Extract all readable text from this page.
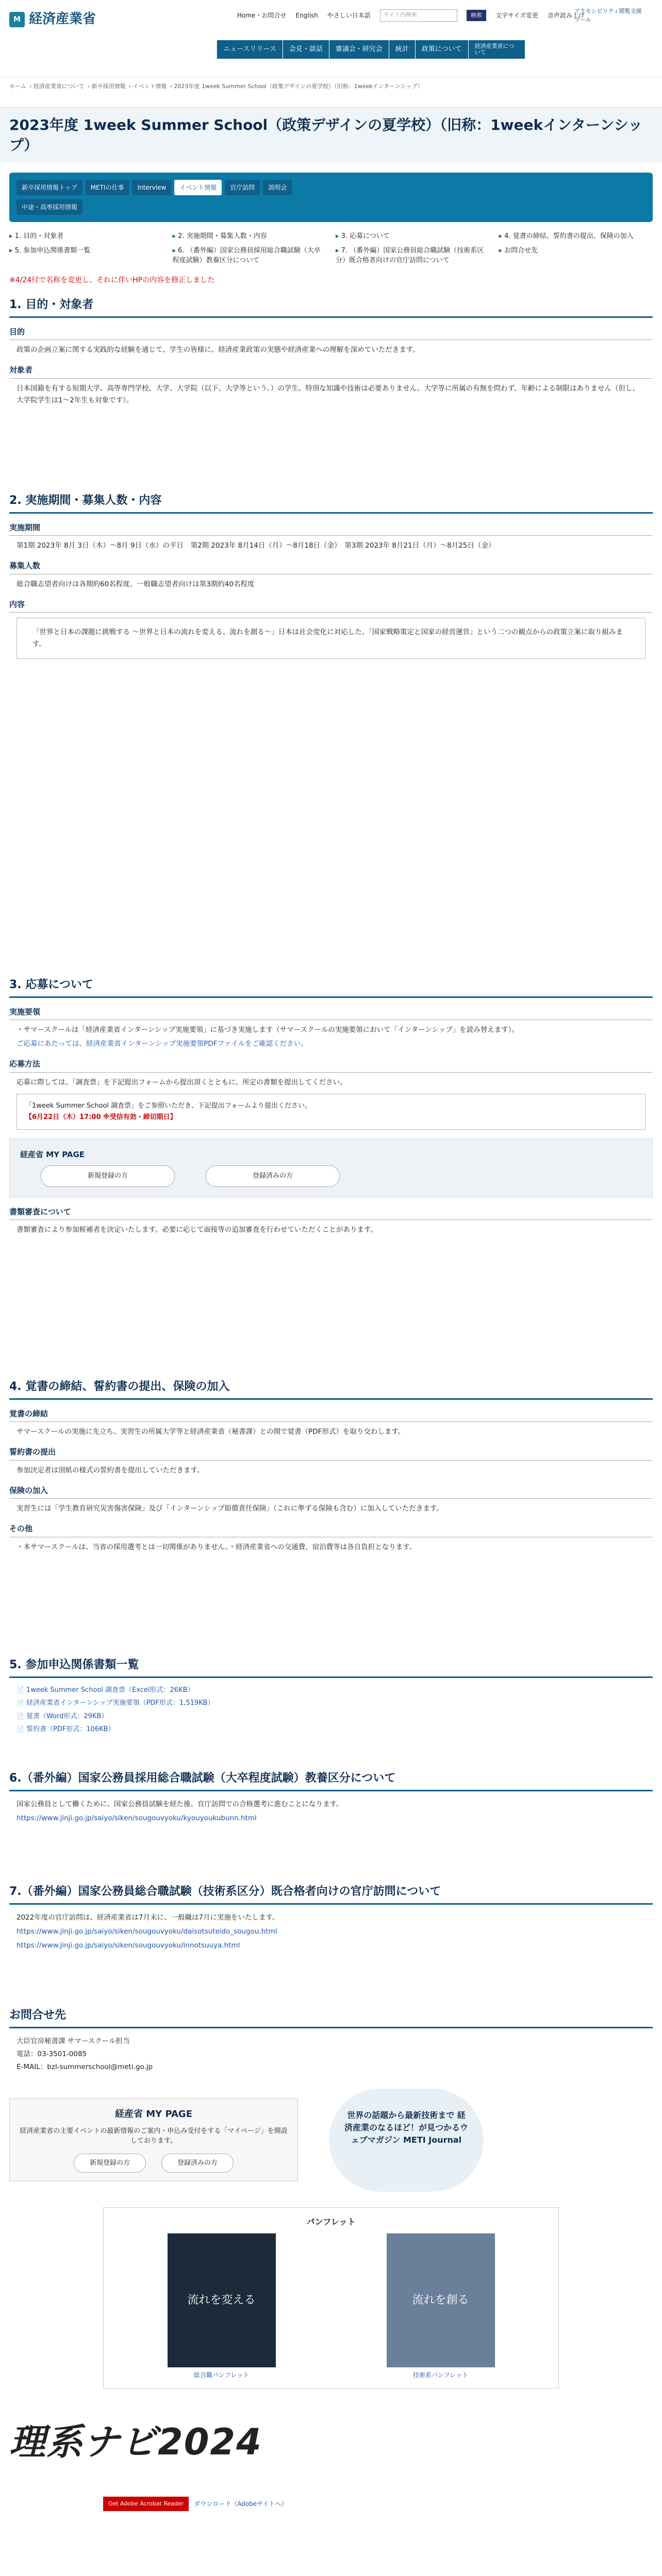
M 経済産業省	Home・お問合せ English やさしい日本語	サイト内検索	検索	文字サイズ変更 音声読み上げ
アクセシビリティ閲覧支援ツール
ニュースリリース	会見・談話	審議会・研究会	統計	政策について	経済産業省について
ホーム › 経済産業省について › 新卒採用情報 › イベント情報 › 2023年度 1week Summer School（政策デザインの夏学校）（旧称：1weekインターンシップ）
2023年度 1week Summer School（政策デザインの夏学校）（旧称：1weekインターンシップ）
新卒採用情報トップ	METIの仕事	Interview	イベント情報	官庁訪問	説明会
中途・高専採用情報
▸ 1. 目的・対象者	▸ 2. 実施期間・募集人数・内容	▸ 3. 応募について	▸ 4. 覚書の締結、誓約書の提出、保険の加入
▸ 5. 参加申込関係書類一覧	▸ 6. （番外編）国家公務員採用総合職試験（大卒程度試験）教養区分について
▸ 7. （番外編）国家公務員総合職試験（技術系区分）既合格者向けの官庁訪問について
▸ お問合せ先
※4/24付で名称を変更し、それに伴いHPの内容を修正しました
1. 目的・対象者
目的

政策の企画立案に関する実践的な経験を通じて、学生の皆様に、経済産業政策の実態や経済産業への理解を深めていただきます。

対象者

日本国籍を有する短期大学、高等専門学校、大学、大学院（以下、大学等という。）の学生。特別な知識や技術は必要ありません。大学等に所属の有無を問わず、年齢による制限はありません（但し、大学院学生は1〜2年生も対象です）。

2. 実施期間・募集人数・内容
実施期間

第1期 2023年 8月 3日（木）〜8月 9日（水）の平日　第2期 2023年 8月14日（月）〜8月18日（金）　第3期 2023年 8月21日（月）〜8月25日（金）

募集人数

総合職志望者向けは各期約60名程度、一般職志望者向けは第3期約40名程度

内容

「世界と日本の課題に挑戦する 〜世界と日本の流れを変える、流れを創る〜」日本は社会変化に対応した、「国家戦略策定と国家の経営運営」という二つの観点からの政策立案に取り組みます。

3. 応募について
実施要領

・サマースクールは「経済産業省インターンシップ実施要領」に基づき実施します（サマースクールの実施要領において「インターンシップ」を読み替えます）。

ご応募にあたっては、経済産業省インターンシップ実施要領PDFファイルをご確認ください。

応募方法

応募に際しては、「調査票」を下記提出フォームから提出頂くとともに、所定の書類を提出してください。

「1week Summer School 調査票」をご参照いただき、下記提出フォームより提出ください。
【6月22日（木）17:00 ※受信有効・締切期日】
経産省 MY PAGE
新規登録の方	登録済みの方
書類審査について

書類審査により参加候補者を決定いたします。必要に応じて面接等の追加審査を行わせていただくことがあります。

4. 覚書の締結、誓約書の提出、保険の加入
覚書の締結

サマースクールの実施に先立ち、実習生の所属大学等と経済産業省（秘書課）との間で覚書（PDF形式）を取り交わします。

誓約書の提出

参加決定者は別紙の様式の誓約書を提出していただきます。

保険の加入

実習生には「学生教育研究災害傷害保険」及び「インターンシップ賠償責任保険」（これに準ずる保険も含む）に加入していただきます。

その他

・本サマースクールは、当省の採用選考とは一切関係がありません。・経済産業省への交通費、宿泊費等は各自負担となります。

5. 参加申込関係書類一覧
📄 1week Summer School 調査票（Excel形式：26KB）
📄 経済産業省インターンシップ実施要領（PDF形式：1,519KB）
📄 覚書（Word形式：29KB）
📄 誓約書（PDF形式：106KB）
6.（番外編）国家公務員採用総合職試験（大卒程度試験）教養区分について

国家公務員として働くために、国家公務員試験を経た後、官庁訪問での合格選考に進むことになります。

https://www.jinji.go.jp/saiyo/siken/sougouvyoku/kyouyoukubunn.html

7.（番外編）国家公務員総合職試験（技術系区分）既合格者向けの官庁訪問について

2022年度の官庁訪問は、経済産業省は7月末に、一般職は7月に実施をいたします。

https://www.jinji.go.jp/saiyo/siken/sougouvyoku/daisotsuteido_sougou.html

https://www.jinji.go.jp/saiyo/siken/sougouvyoku/innotsuuya.html

お問合せ先

大臣官房秘書課 サマースクール担当

電話：03-3501-0085

E-MAIL：bzl-summerschool@meti.go.jp

経産省 MY PAGE
経済産業省の主要イベントの最新情報のご案内・申込み受付をする「マイページ」を開設しております。
新規登録の方	登録済みの方
世界の話題から最新技術まで 経済産業のなるほど！が見つかるウェブマガジン METI Journal
パンフレット
流れを変える	流れを創る
総合職パンフレット	技術系パンフレット
理系ナビ2024
Get Adobe Acrobat Reader	ダウンロード（Adobeサイトへ）
